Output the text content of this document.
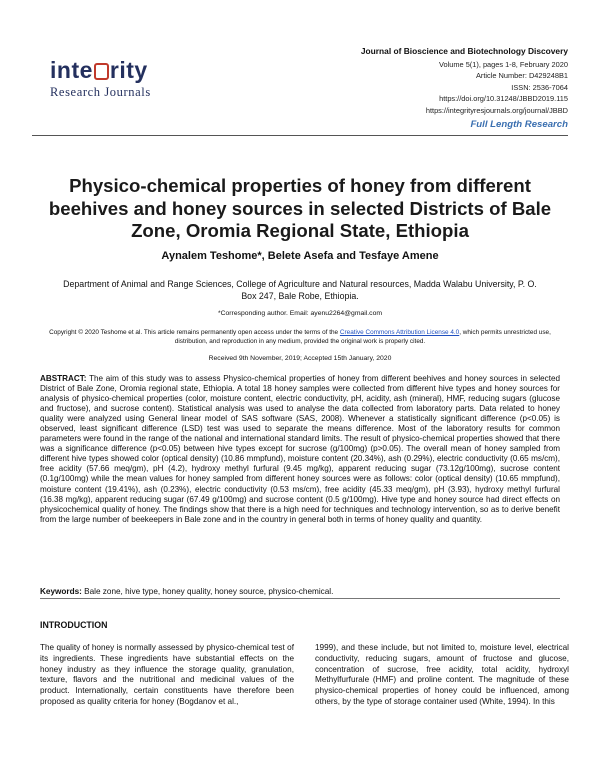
inte rity
Research Journals
Journal of Bioscience and Biotechnology Discovery
Volume 5(1), pages 1-8, February 2020
Article Number: D429248B1
ISSN: 2536-7064
https://doi.org/10.31248/JBBD2019.115
https://integrityresjournals.org/journal/JBBD
Full Length Research
Physico-chemical properties of honey from different beehives and honey sources in selected Districts of Bale Zone, Oromia Regional State, Ethiopia
Aynalem Teshome*, Belete Asefa and Tesfaye Amene
Department of Animal and Range Sciences, College of Agriculture and Natural resources, Madda Walabu University, P. O. Box 247, Bale Robe, Ethiopia.
*Corresponding author. Email: ayenu2264@gmail.com
Copyright © 2020 Teshome et al. This article remains permanently open access under the terms of the Creative Commons Attribution License 4.0, which permits unrestricted use, distribution, and reproduction in any medium, provided the original work is properly cited.
Received 9th November, 2019; Accepted 15th January, 2020
ABSTRACT: The aim of this study was to assess Physico-chemical properties of honey from different beehives and honey sources in selected District of Bale Zone, Oromia regional state, Ethiopia. A total 18 honey samples were collected from different hive types and honey sources for analysis of physico-chemical properties (color, moisture content, electric conductivity, pH, acidity, ash (mineral), HMF, reducing sugars (glucose and fructose), and sucrose content). Statistical analysis was used to analyse the data collected from laboratory parts. Data related to honey quality were analyzed using General linear model of SAS software (SAS, 2008). Whenever a statistically significant difference (p<0.05) is observed, least significant difference (LSD) test was used to separate the means difference. Most of the laboratory results for common parameters were found in the range of the national and international standard limits. The result of physico-chemical properties showed that there was a significance difference (p<0.05) between hive types except for sucrose (g/100mg) (p>0.05). The overall mean of honey sampled from different hive types showed color (optical density) (10.86 mmpfund), moisture content (20.34%), ash (0.29%), electric conductivity (0.65 ms/cm), free acidity (57.66 meq/gm), pH (4.2), hydroxy methyl furfural (9.45 mg/kg), apparent reducing sugar (73.12g/100mg), sucrose content (0.1g/100mg) while the mean values for honey sampled from different honey sources were as follows: color (optical density) (10.65 mmpfund), moisture content (19.41%), ash (0.23%), electric conductivity (0.53 ms/cm), free acidity (45.33 meq/gm), pH (3.93), hydroxy methyl furfural (16.38 mg/kg), apparent reducing sugar (67.49 g/100mg) and sucrose content (0.5 g/100mg). Hive type and honey source had direct effects on physicochemical quality of honey. The findings show that there is a high need for techniques and technology intervention, so as to derive benefit from the large number of beekeepers in Bale zone and in the country in general both in terms of honey quality and quantity.
Keywords: Bale zone, hive type, honey quality, honey source, physico-chemical.
INTRODUCTION
The quality of honey is normally assessed by physico-chemical test of its ingredients. These ingredients have substantial effects on the honey industry as they influence the storage quality, granulation, texture, flavors and the nutritional and medicinal values of the product. Internationally, certain constituents have therefore been proposed as quality criteria for honey (Bogdanov et al.,
1999), and these include, but not limited to, moisture level, electrical conductivity, reducing sugars, amount of fructose and glucose, concentration of sucrose, free acidity, total acidity, hydroxyl Methylfurfurale (HMF) and proline content. The magnitude of these physico-chemical properties of honey could be influenced, among others, by the type of storage container used (White, 1994). In this
